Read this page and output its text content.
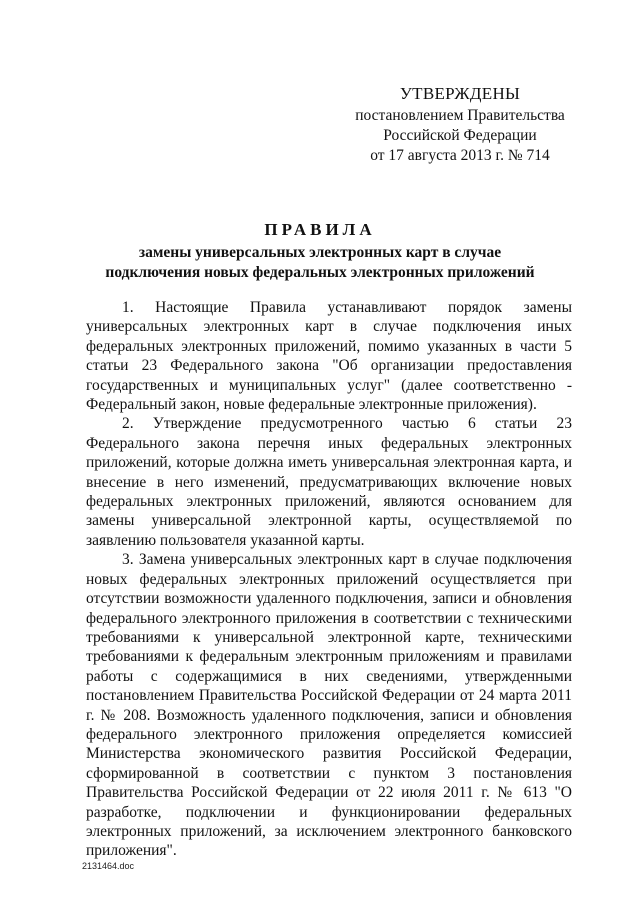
УТВЕРЖДЕНЫ
постановлением Правительства
Российской Федерации
от 17 августа 2013 г. № 714
ПРАВИЛА
замены универсальных электронных карт в случае
подключения новых федеральных электронных приложений

1. Настоящие Правила устанавливают порядок замены универсальных электронных карт в случае подключения иных федеральных электронных приложений, помимо указанных в части 5 статьи 23 Федерального закона "Об организации предоставления государственных и муниципальных услуг" (далее соответственно - Федеральный закон, новые федеральные электронные приложения).

2. Утверждение предусмотренного частью 6 статьи 23 Федерального закона перечня иных федеральных электронных приложений, которые должна иметь универсальная электронная карта, и внесение в него изменений, предусматривающих включение новых федеральных электронных приложений, являются основанием для замены универсальной электронной карты, осуществляемой по заявлению пользователя указанной карты.

3. Замена универсальных электронных карт в случае подключения новых федеральных электронных приложений осуществляется при отсутствии возможности удаленного подключения, записи и обновления федерального электронного приложения в соответствии с техническими требованиями к универсальной электронной карте, техническими требованиями к федеральным электронным приложениям и правилами работы с содержащимися в них сведениями, утвержденными постановлением Правительства Российской Федерации от 24 марта 2011 г. № 208. Возможность удаленного подключения, записи и обновления федерального электронного приложения определяется комиссией Министерства экономического развития Российской Федерации, сформированной в соответствии с пунктом 3 постановления Правительства Российской Федерации от 22 июля 2011 г. № 613 "О разработке, подключении и функционировании федеральных электронных приложений, за исключением электронного банковского приложения".

2131464.doc
